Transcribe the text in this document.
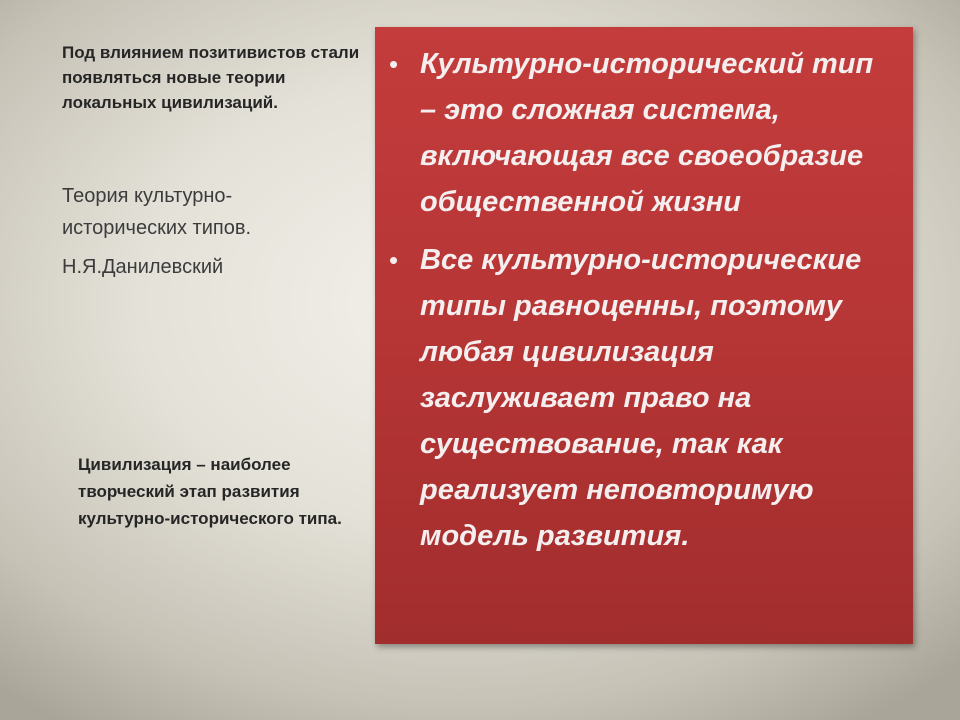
Под влиянием позитивистов стали появляться новые теории локальных цивилизаций.
Теория культурно-исторических типов.
Н.Я.Данилевский
Цивилизация – наиболее творческий этап развития культурно-исторического типа.
• Культурно-исторический тип – это сложная система, включающая все своеобразие общественной жизни
• Все культурно-исторические типы равноценны, поэтому любая цивилизация заслуживает право на существование, так как реализует неповторимую модель развития.
